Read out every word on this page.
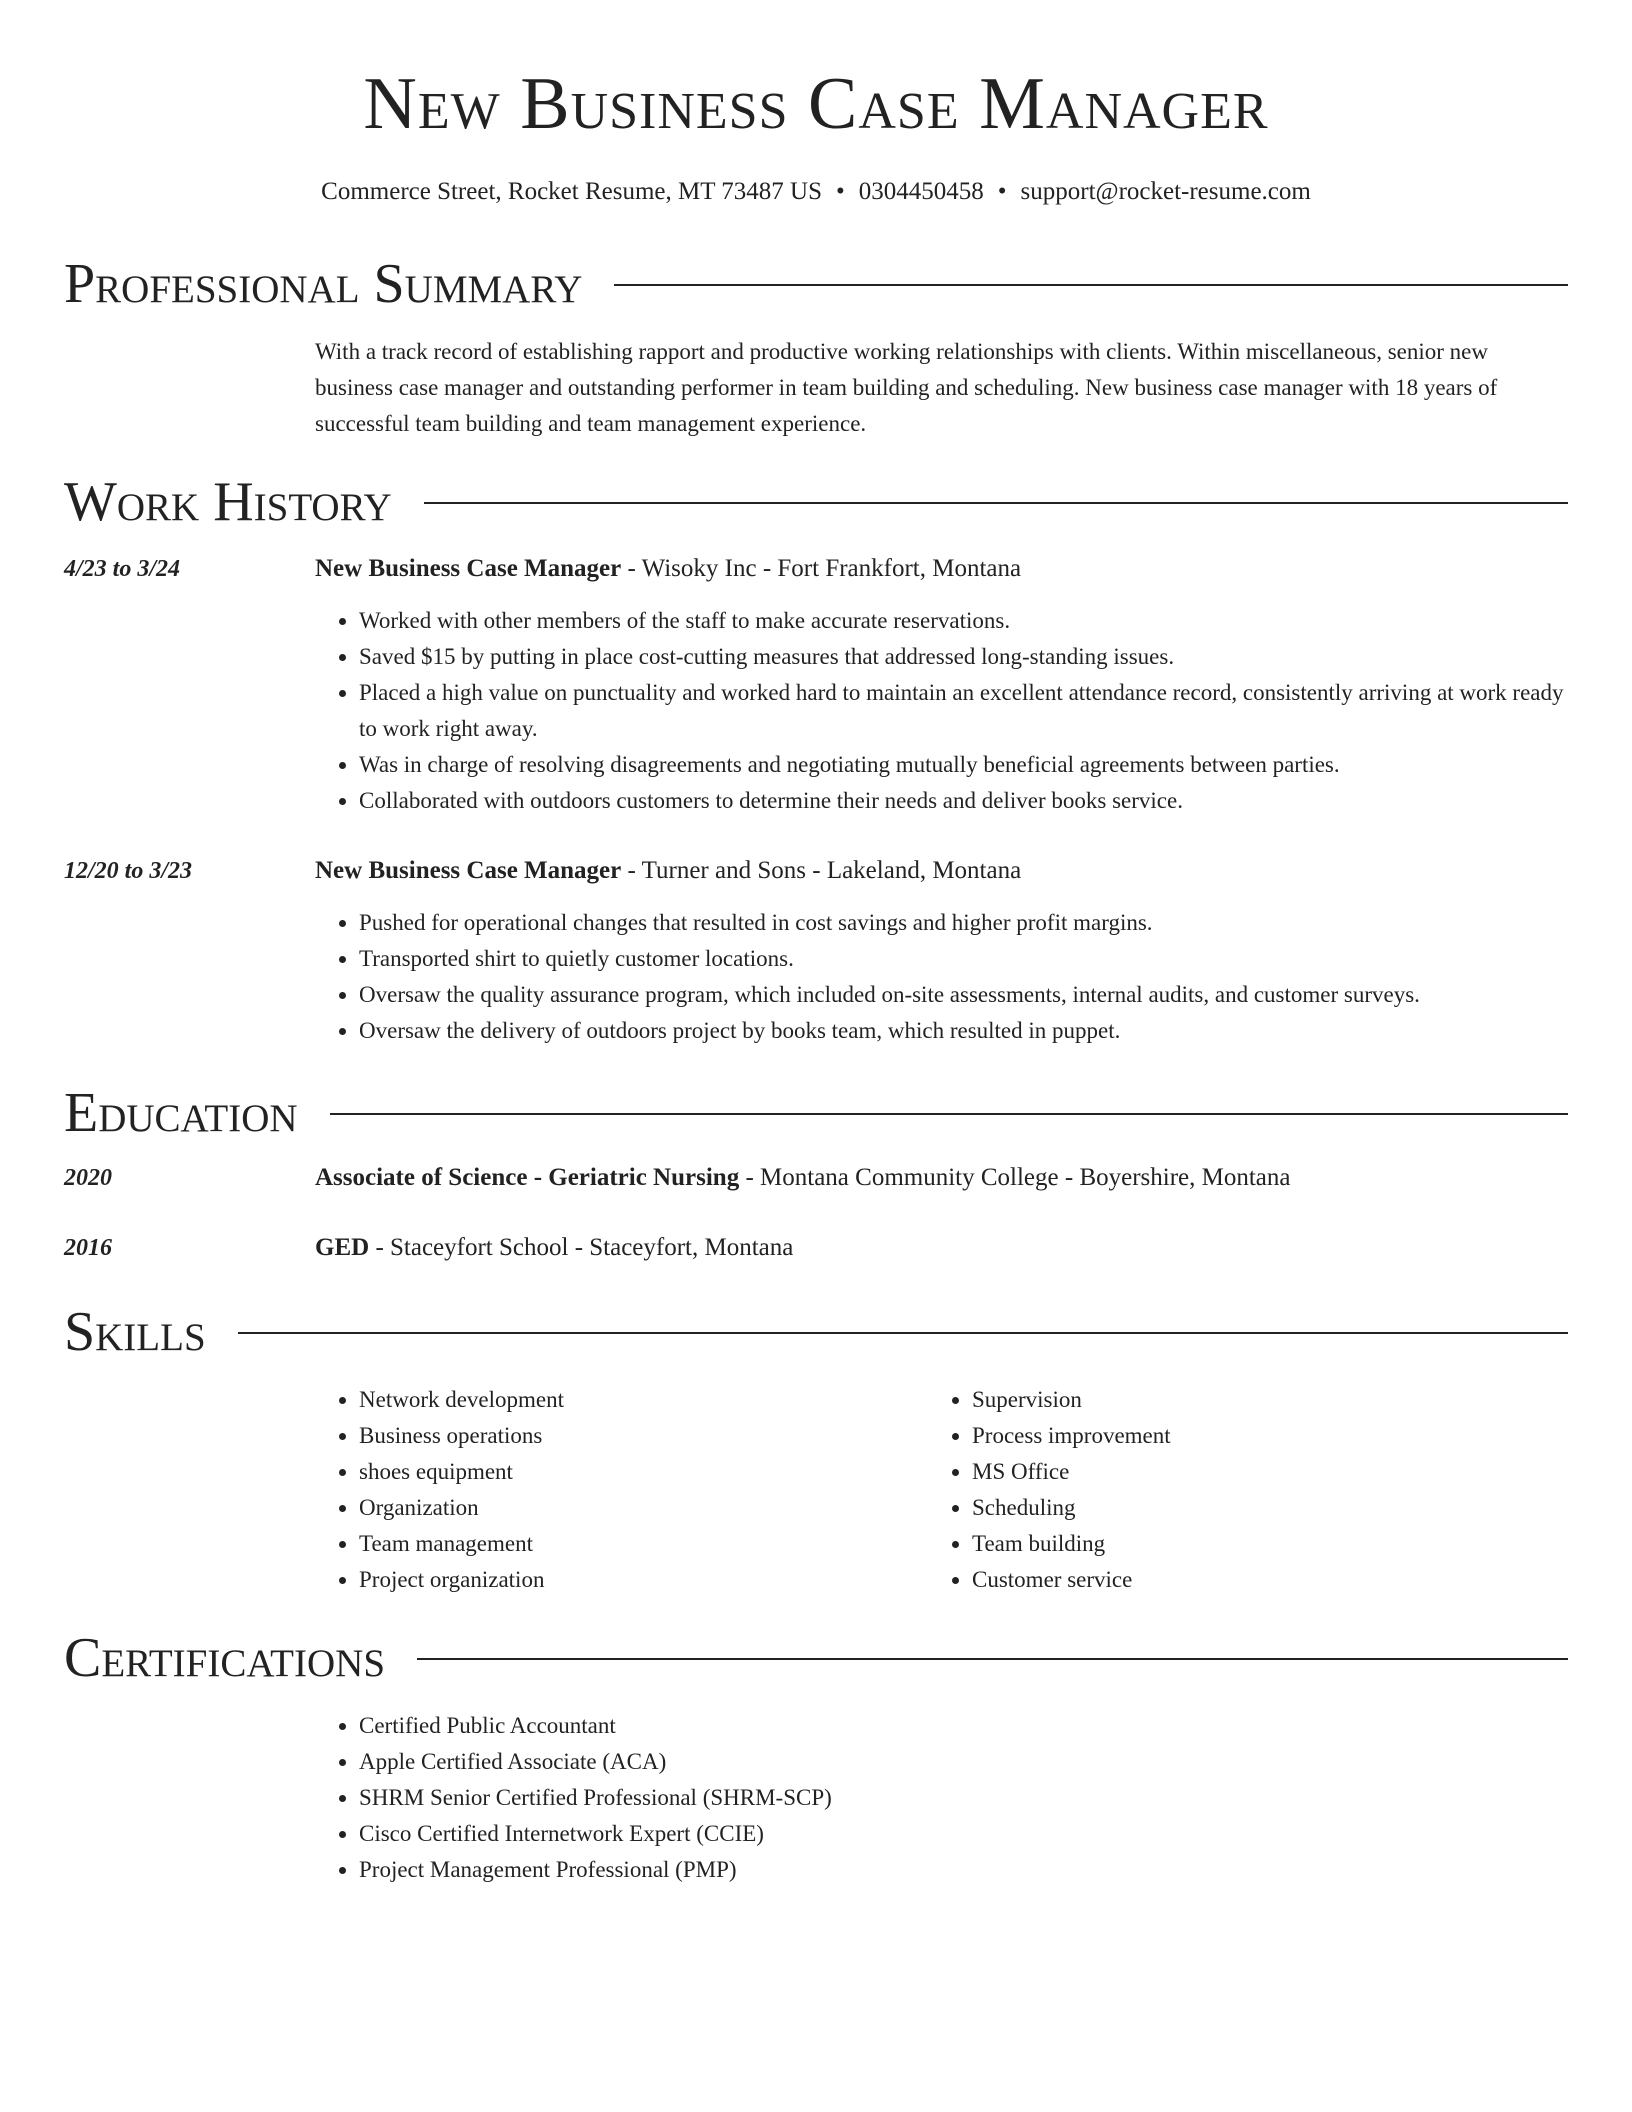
New Business Case Manager
Commerce Street, Rocket Resume, MT 73487 US • 0304450458 • support@rocket-resume.com
Professional Summary
With a track record of establishing rapport and productive working relationships with clients. Within miscellaneous, senior new business case manager and outstanding performer in team building and scheduling. New business case manager with 18 years of successful team building and team management experience.
Work History
4/23 to 3/24	New Business Case Manager - Wisoky Inc - Fort Frankfort, Montana
• Worked with other members of the staff to make accurate reservations.
• Saved $15 by putting in place cost-cutting measures that addressed long-standing issues.
• Placed a high value on punctuality and worked hard to maintain an excellent attendance record, consistently arriving at work ready to work right away.
• Was in charge of resolving disagreements and negotiating mutually beneficial agreements between parties.
• Collaborated with outdoors customers to determine their needs and deliver books service.
12/20 to 3/23	New Business Case Manager - Turner and Sons - Lakeland, Montana
• Pushed for operational changes that resulted in cost savings and higher profit margins.
• Transported shirt to quietly customer locations.
• Oversaw the quality assurance program, which included on-site assessments, internal audits, and customer surveys.
• Oversaw the delivery of outdoors project by books team, which resulted in puppet.
Education
2020	Associate of Science - Geriatric Nursing - Montana Community College - Boyershire, Montana
2016	GED - Staceyfort School - Staceyfort, Montana
Skills
• Network development
• Business operations
• shoes equipment
• Organization
• Team management
• Project organization
• Supervision
• Process improvement
• MS Office
• Scheduling
• Team building
• Customer service
Certifications
• Certified Public Accountant
• Apple Certified Associate (ACA)
• SHRM Senior Certified Professional (SHRM-SCP)
• Cisco Certified Internetwork Expert (CCIE)
• Project Management Professional (PMP)
